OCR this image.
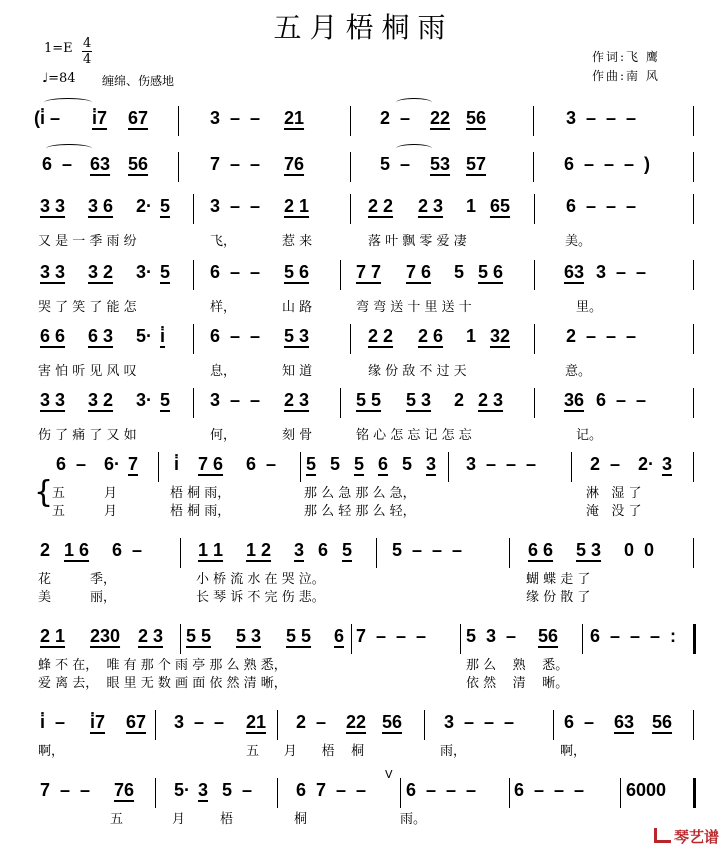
五月梧桐雨
1=E 4
4
♩=84 缠绵、伤感地
作词:飞 鹰
作曲:南 风
(i̇ – i̇7 67	3  –  – 21	2  – 22 56	3  –  –  –
6  – 63 56	7  –  – 76	5  – 53 57	6  –  –  –  )
3 3 3 6 2· 5 3  –  – 2 1	2 2 2 3 1 65	6  –  –  –
又 是 一 季 雨 纷	飞，	惹 来	落 叶 飘 零 爱 凄	美。
3 3 3 2 3· 5 6  –  – 5 6	7 7 7 6 5 5 6	63 3  –  –
哭 了 笑 了 能 怎	样，	山 路	弯 弯 送 十 里 送 十	里。
6 6 6 3 5· i̇ 6  –  – 5 3	2 2 2 6 1 32	2  –  –  –
害 怕 听 见 风 叹	息，	知 道	缘 份 敌 不 过 天	意。
3 3 3 2 3· 5 3  –  – 2 3	5 5 5 3 2 2 3	36 6  –  –
伤 了 痛 了 又 如	何，	刻 骨	铭 心 怎 忘 记 怎 忘	记。
6  – 6· 7 i̇ 7 6 6  – 5 5 5 6 5 3 3  –  –  –	2  – 2· 3
五	月	梧 桐 雨，	那 么 急 那 么 急，	淋   湿 了
五	月	梧 桐 雨，	那 么 轻 那 么 轻，	淹   没 了
2 1 6 6  –	1 1 1 2 3 6 5 5  –  –  –	6 6 5 3 0  0
花	季，	小 桥 流 水 在 哭 泣。	蝴 蝶 走 了
美	丽，	长 琴 诉 不 完 伤 悲。	缘 份 散 了
2 1 230 2 3 5 5 5 3 5 5 6 7  –  –  – 5  3  – 56 6  –  –  –  :
蜂 不 在，  唯 有 那 个 雨 亭 那 么 熟 悉，	那 么    熟    悉。
爱 离 去，  眼 里 无 数 画 面 依 然 清 晰，	依 然    清    晰。
i̇  – i̇7 67 3  –  – 21 2  – 22 56 3  –  –  –	6  – 63 56
啊，	五      月      梧    桐	雨，	啊，
7  –  – 76 5· 3 5  – 6  7  –  – 6  –  –  – 6  –  –  – 6000
五	月	梧	桐	雨。
{
V
琴艺谱
